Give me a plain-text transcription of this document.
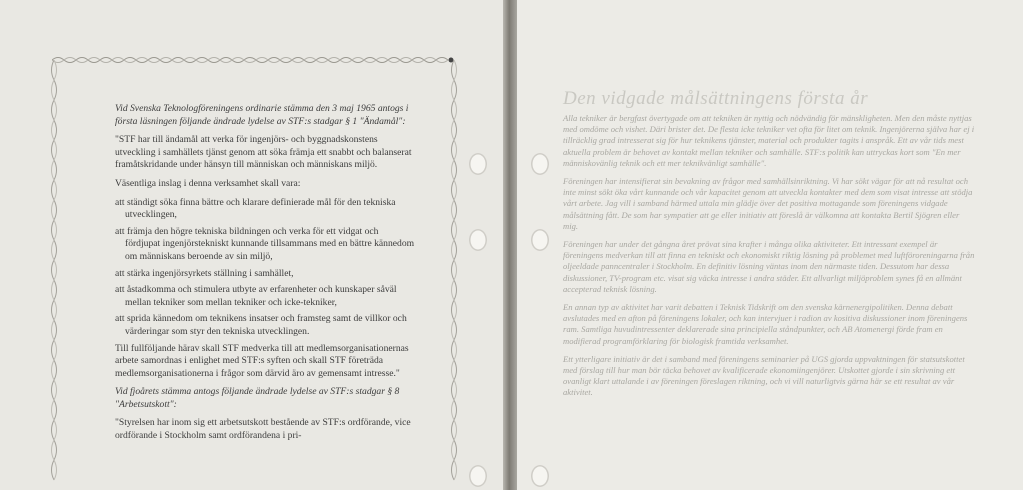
Vid Svenska Teknologföreningens ordinarie stämma den 3 maj 1965 antogs i första läsningen följande ändrade lydelse av STF:s stadgar § 1 "Ändamål":

"STF har till ändamål att verka för ingenjörs- och byggnadskonstens utveckling i samhällets tjänst genom att söka främja ett snabbt och balanserat framåtskridande under hänsyn till människan och människans miljö.

Väsentliga inslag i denna verksamhet skall vara:

att ständigt söka finna bättre och klarare definierade mål för den tekniska utvecklingen,
att främja den högre tekniska bildningen och verka för ett vidgat och fördjupat ingenjörstekniskt kunnande tillsammans med en bättre kännedom om människans beroende av sin miljö,
att stärka ingenjörsyrkets ställning i samhället,
att åstadkomma och stimulera utbyte av erfarenheter och kunskaper såväl mellan tekniker som mellan tekniker och icke-tekniker,
att sprida kännedom om teknikens insatser och framsteg samt de villkor och värderingar som styr den tekniska utvecklingen.

Till fullföljande härav skall STF medverka till att medlemsorganisationernas arbete samordnas i enlighet med STF:s syften och skall STF företräda medlemsorganisationerna i frågor som därvid äro av gemensamt intresse."

Vid fjoårets stämma antogs följande ändrade lydelse av STF:s stadgar § 8 "Arbetsutskott":

"Styrelsen har inom sig ett arbetsutskott bestående av STF:s ordförande, vice ordförande i Stockholm samt ordförandena i pri-

Den vidgade målsättningens första år

Alla tekniker är bergfast övertygade om att tekniken är nyttig och nödvändig för mänskligheten. Men den måste nyttjas med omdöme och vishet. Däri brister det. De flesta icke tekniker vet ofta för litet om teknik. Ingenjörerna själva har ej i tillräcklig grad intresserat sig för hur teknikens tjänster, material och produkter tagits i anspråk. Ett av vår tids mest aktuella problem är behovet av kontakt mellan tekniker och samhälle. STF:s politik kan uttryckas kort som "En mer människovänlig teknik och ett mer teknikvänligt samhälle".

Föreningen har intensifierat sin bevakning av frågor med samhällsinriktning. Vi har sökt vägar för att nå resultat och inte minst sökt öka vårt kunnande och vår kapacitet genom att utveckla kontakter med dem som visat intresse att stödja vårt arbete. Jag vill i samband härmed uttala min glädje över det positiva mottagande som föreningens vidgade målsättning fått. De som har sympatier att ge eller initiativ att föreslå är välkomna att kontakta Bertil Sjögren eller mig.

Föreningen har under det gångna året prövat sina krafter i många olika aktiviteter. Ett intressant exempel är föreningens medverkan till att finna en tekniskt och ekonomiskt riktig lösning på problemet med luftföroreningarna från oljeeldade panncentraler i Stockholm. En definitiv lösning väntas inom den närmaste tiden. Dessutom har dessa diskussioner, TV-program etc. visat sig väcka intresse i andra städer. Ett allvarligt miljöproblem synes få en allmänt accepterad teknisk lösning.

En annan typ av aktivitet har varit debatten i Teknisk Tidskrift om den svenska kärnenergipolitiken. Denna debatt avslutades med en afton på föreningens lokaler, och kan intervjuer i radion av kositiva diskussioner inom föreningens ram. Samtliga huvudintressenter deklarerade sina principiella ståndpunkter, och AB Atomenergi förde fram en modifierad programförklaring för biologisk framtida verksamhet.

Ett ytterligare initiativ är det i samband med föreningens seminarier på UGS gjorda uppvaktningen för statsutskottet med förslag till hur man bör täcka behovet av kvalificerade ekonomiingenjörer. Utskottet gjorde i sin skrivning ett ovanligt klart uttalande i av föreningen föreslagen riktning, och vi vill naturligtvis gärna här se ett resultat av vår aktivitet.
